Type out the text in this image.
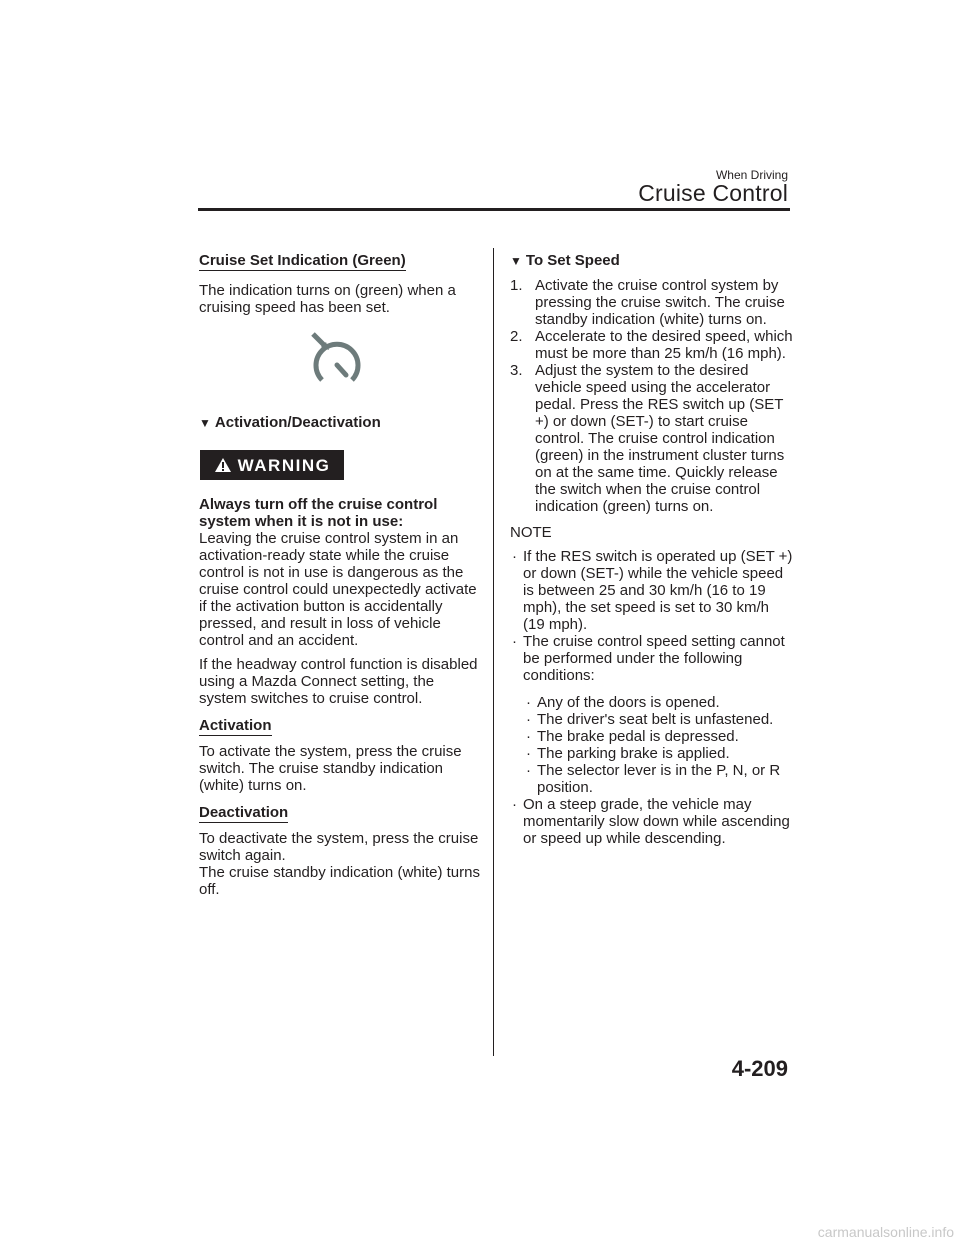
When Driving
Cruise Control
Cruise Set Indication (Green)

The indication turns on (green) when a cruising speed has been set.

▼ Activation/Deactivation

WARNING

Always turn off the cruise control system when it is not in use:

Leaving the cruise control system in an activation-ready state while the cruise control is not in use is dangerous as the cruise control could unexpectedly activate if the activation button is accidentally pressed, and result in loss of vehicle control and an accident.

If the headway control function is disabled using a Mazda Connect setting, the system switches to cruise control.

Activation

To activate the system, press the cruise switch. The cruise standby indication (white) turns on.

Deactivation

To deactivate the system, press the cruise switch again.

The cruise standby indication (white) turns off.

▼ To Set Speed

1. Activate the cruise control system by pressing the cruise switch. The cruise standby indication (white) turns on.
2. Accelerate to the desired speed, which must be more than 25 km/h (16 mph).
3. Adjust the system to the desired vehicle speed using the accelerator pedal. Press the RES switch up (SET +) or down (SET-) to start cruise control. The cruise control indication (green) in the instrument cluster turns on at the same time. Quickly release the switch when the cruise control indication (green) turns on.

NOTE

· If the RES switch is operated up (SET +) or down (SET-) while the vehicle speed is between 25 and 30 km/h (16 to 19 mph), the set speed is set to 30 km/h (19 mph).
· The cruise control speed setting cannot be performed under the following conditions:
· Any of the doors is opened.
· The driver's seat belt is unfastened.
· The brake pedal is depressed.
· The parking brake is applied.
· The selector lever is in the P, N, or R position.
· On a steep grade, the vehicle may momentarily slow down while ascending or speed up while descending.
4-209
carmanualsonline.info
